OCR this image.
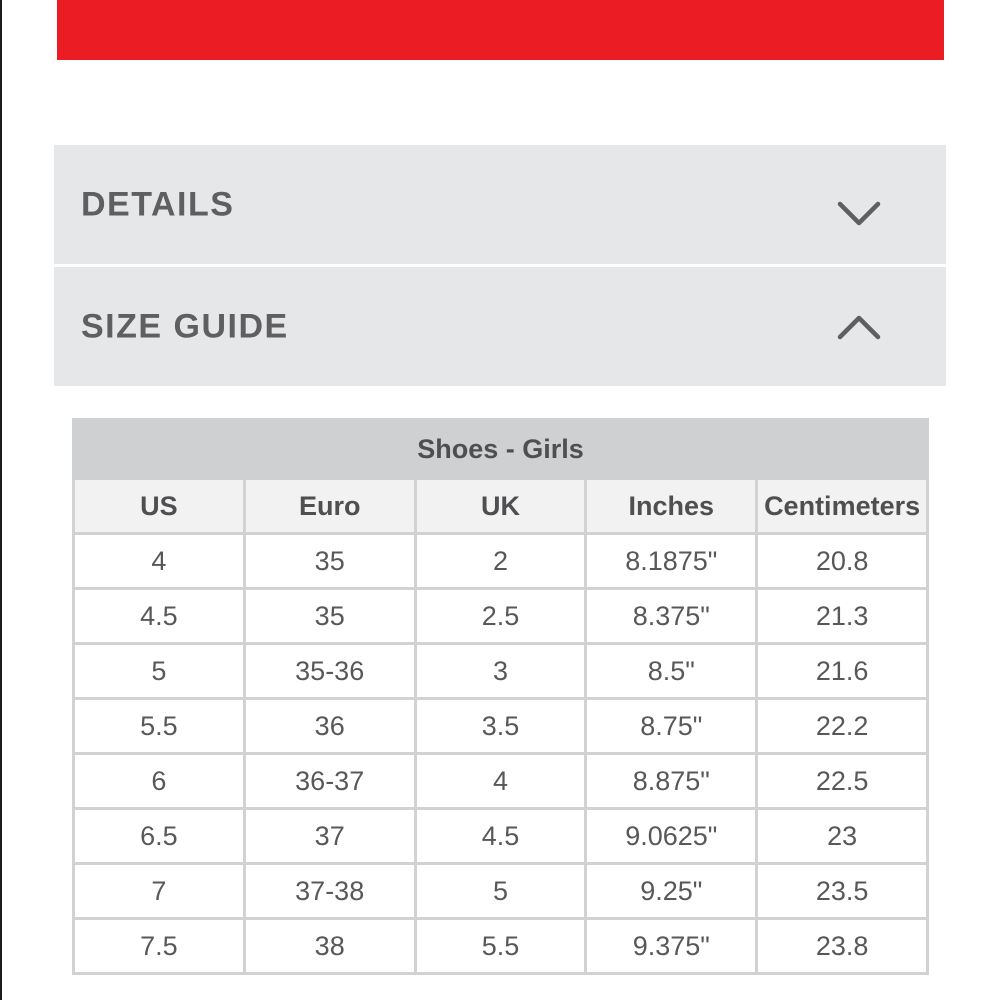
DETAILS
SIZE GUIDE
Shoes - Girls				
US	Euro	UK	Inches	Centimeters
4	35	2	8.1875"	20.8
4.5	35	2.5	8.375"	21.3
5	35-36	3	8.5"	21.6
5.5	36	3.5	8.75"	22.2
6	36-37	4	8.875"	22.5
6.5	37	4.5	9.0625"	23
7	37-38	5	9.25"	23.5
7.5	38	5.5	9.375"	23.8
